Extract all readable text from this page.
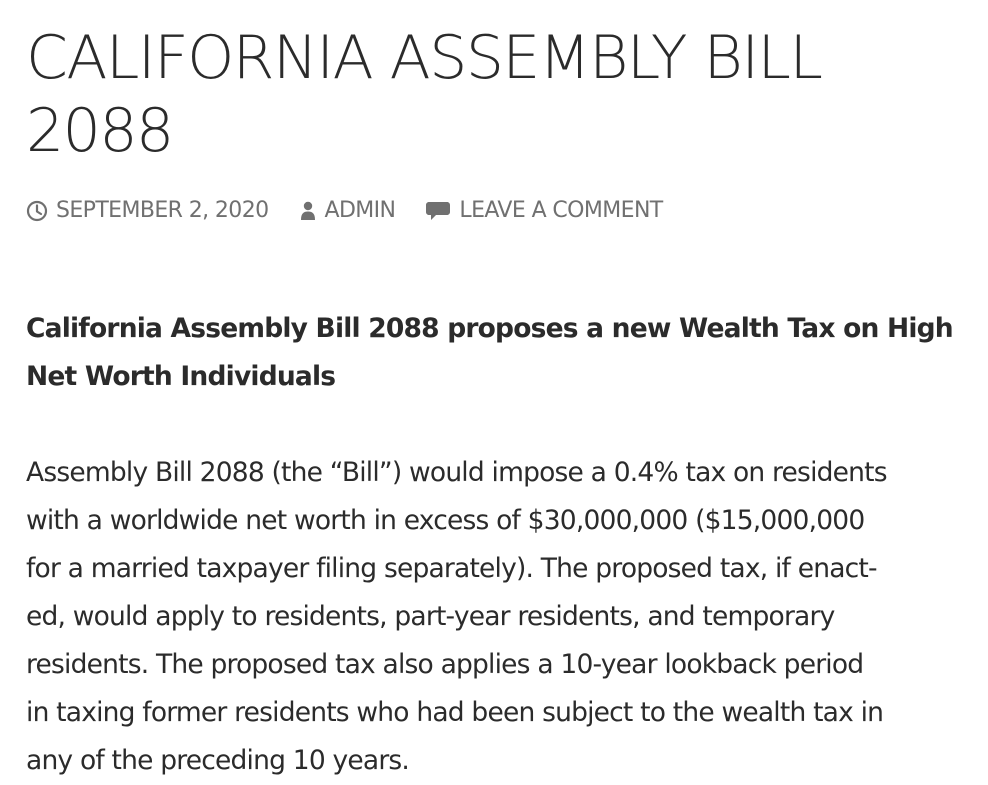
CALIFORNIA ASSEMBLY BILL
2088
SEPTEMBER 2, 2020	ADMIN	LEAVE A COMMENT

California Assembly Bill 2088 proposes a new Wealth Tax on High
Net Worth Individuals

Assembly Bill 2088 (the “Bill”) would impose a 0.4% tax on residents
with a worldwide net worth in excess of $30,000,000 ($15,000,000
for a married taxpayer filing separately). The proposed tax, if enact-
ed, would apply to residents, part-year residents, and temporary
residents. The proposed tax also applies a 10-year lookback period
in taxing former residents who had been subject to the wealth tax in
any of the preceding 10 years.
